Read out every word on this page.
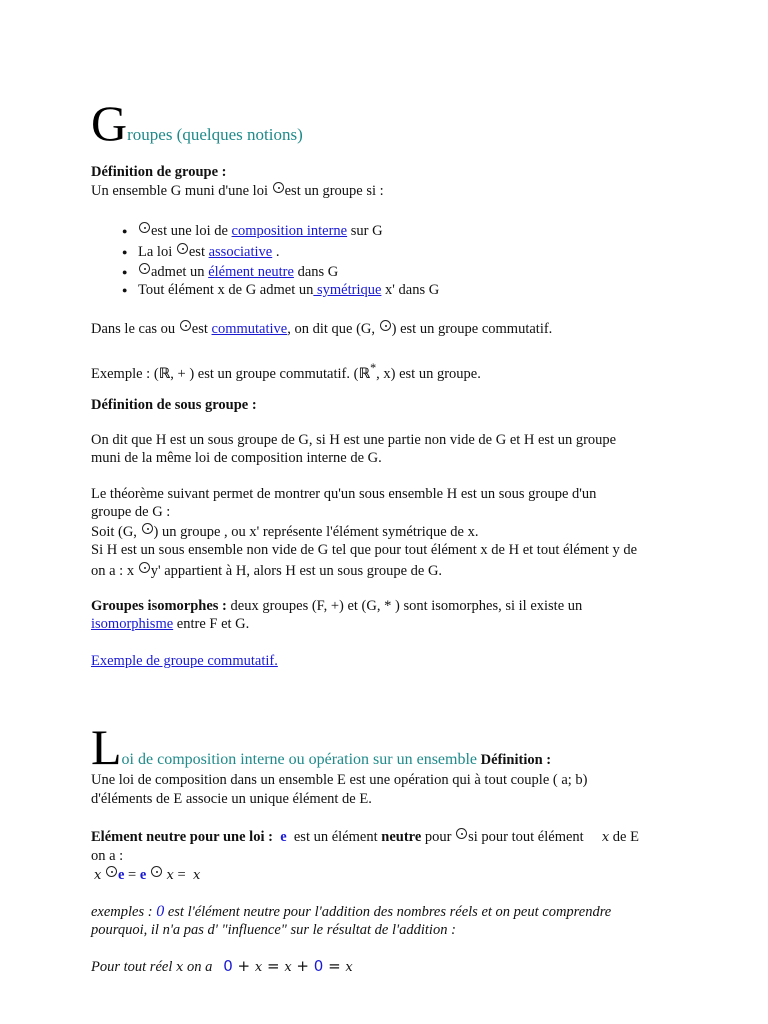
Groupes (quelques notions)
Définition de groupe :
Un ensemble G muni d'une loi est un groupe si :
● est une loi de composition interne sur G
● La loi est associative .
● admet un élément neutre dans G
● Tout élément x de G admet un symétrique x' dans G
Dans le cas ou est commutative, on dit que (G, ) est un groupe commutatif.
Exemple : (ℝ, + ) est un groupe commutatif. (ℝ*, x) est un groupe.
Définition de sous groupe :
On dit que H est un sous groupe de G, si H est une partie non vide de G et H est un groupe
muni de la même loi de composition interne de G.
Le théorème suivant permet de montrer qu'un sous ensemble H est un sous groupe d'un
groupe de G :
Soit (G, ) un groupe , ou x' représente l'élément symétrique de x.
Si H est un sous ensemble non vide de G tel que pour tout élément x de H et tout élément y de
on a : x y' appartient à H, alors H est un sous groupe de G.
Groupes isomorphes : deux groupes (F, +) et (G, * ) sont isomorphes, si il existe un
isomorphisme entre F et G.
Exemple de groupe commutatif.
Loi de composition interne ou opération sur un ensemble Définition :
Une loi de composition dans un ensemble E est une opération qui à tout couple ( a; b)
d'éléments de E associe un unique élément de E.
Elément neutre pour une loi : e  est un élément neutre pour si pour tout élément x de E
on a :
x e = e x =  x
exemples : 0 est l'élément neutre pour l'addition des nombres réels et on peut comprendre
pourquoi, il n'a pas d' "influence" sur le résultat de l'addition :
Pour tout réel x on a   0 + x = x + 0 = x
